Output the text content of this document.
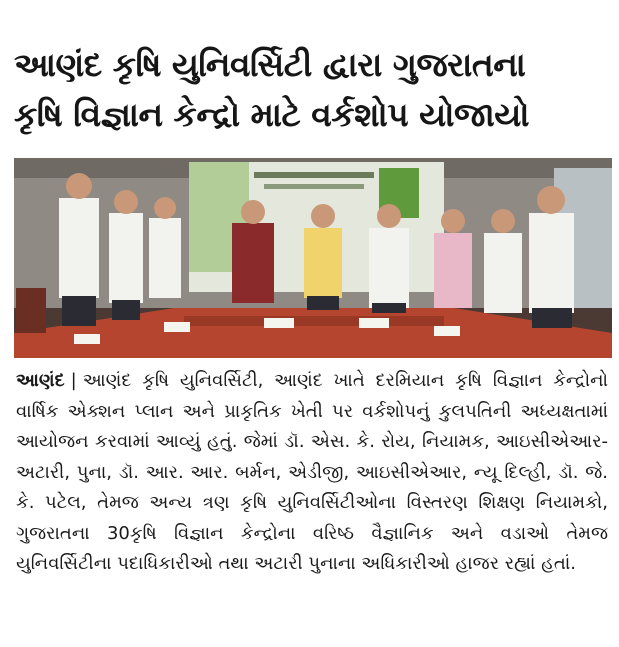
આણંદ કૃષિ યુનિવર્સિટી દ્વારા ગુજરાતના
કૃષિ વિજ્ઞાન કેન્દ્રો માટે વર્કશોપ યોજાયો
આણંદ | આણંદ કૃષિ યુનિવર્સિટી, આણંદ ખાતે દરમિયાન કૃષિ વિજ્ઞાન કેન્દ્રોનો વાર્ષિક એક્શન પ્લાન અને પ્રાકૃતિક ખેતી પર વર્કશોપનું કુલપતિની અધ્યક્ષતામાં આયોજન કરવામાં આવ્યું હતું. જેમાં ડૉ. એસ. કે. રોય, નિયામક, આઇસીએઆર-અટારી, પુના, ડૉ. આર. આર. બર્મન, એડીજી, આઇસીએઆર, ન્યૂ દિલ્હી, ડૉ. જે. કે. પટેલ, તેમજ અન્ય ત્રણ કૃષિ યુનિવર્સિટીઓના વિસ્તરણ શિક્ષણ નિયામકો, ગુજરાતના 30કૃષિ વિજ્ઞાન કેન્દ્રોના વરિષ્ઠ વૈજ્ઞાનિક અને વડાઓ તેમજ યુનિવર્સિટીના પદાધિકારીઓ તથા અટારી પુનાના અધિકારીઓ હાજર રહ્યાં હતાં.
